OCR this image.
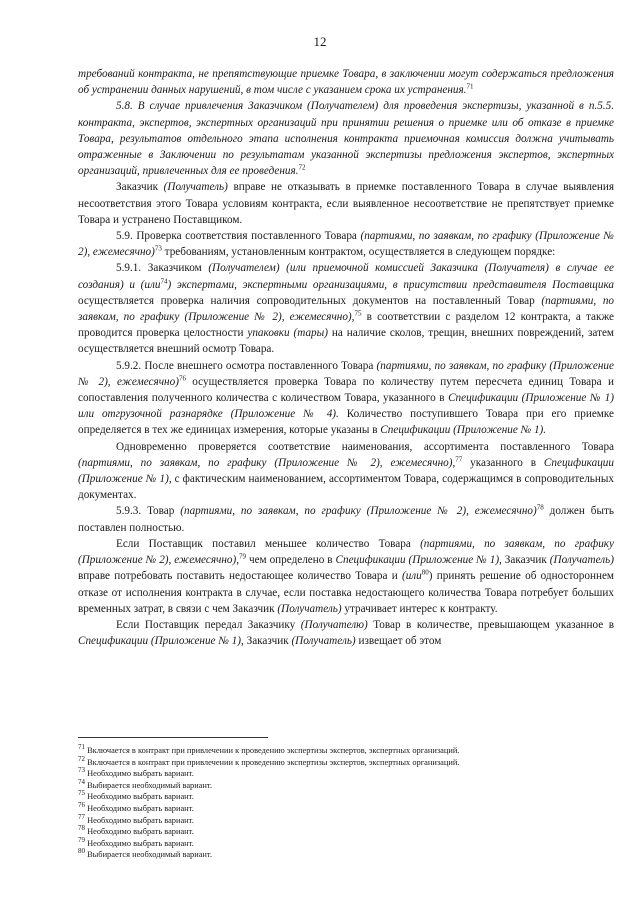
12

требований контракта, не препятствующие приемке Товара, в заключении могут содержаться предложения об устранении данных нарушений, в том числе с указанием срока их устранения.$^{71}$

5.8. В случае привлечения Заказчиком (Получателем) для проведения экспертизы, указанной в п.5.5. контракта, экспертов, экспертных организаций при принятии решения о приемке или об отказе в приемке Товара, результатов отдельного этапа исполнения контракта приемочная комиссия должна учитывать отраженные в Заключении по результатам указанной экспертизы предложения экспертов, экспертных организаций, привлеченных для ее проведения.$^{72}$

Заказчик (Получатель) вправе не отказывать в приемке поставленного Товара в случае выявления несоответствия этого Товара условиям контракта, если выявленное несоответствие не препятствует приемке Товара и устранено Поставщиком.

5.9. Проверка соответствия поставленного Товара (партиями, по заявкам, по графику (Приложение № 2), ежемесячно)$^{73}$ требованиям, установленным контрактом, осуществляется в следующем порядке:

5.9.1. Заказчиком (Получателем) (или приемочной комиссией Заказчика (Получателя) в случае ее создания) и (или$^{74}$) экспертами, экспертными организациями, в присутствии представителя Поставщика осуществляется проверка наличия сопроводительных документов на поставленный Товар (партиями, по заявкам, по графику (Приложение № 2), ежемесячно),$^{75}$ в соответствии с разделом 12 контракта, а также проводится проверка целостности упаковки (тары) на наличие сколов, трещин, внешних повреждений, затем осуществляется внешний осмотр Товара.

5.9.2. После внешнего осмотра поставленного Товара (партиями, по заявкам, по графику (Приложение № 2), ежемесячно)$^{76}$ осуществляется проверка Товара по количеству путем пересчета единиц Товара и сопоставления полученного количества с количеством Товара, указанного в Спецификации (Приложение № 1) или отгрузочной разнарядке (Приложение № 4). Количество поступившего Товара при его приемке определяется в тех же единицах измерения, которые указаны в Спецификации (Приложение № 1).

Одновременно проверяется соответствие наименования, ассортимента поставленного Товара (партиями, по заявкам, по графику (Приложение № 2), ежемесячно),$^{77}$ указанного в Спецификации (Приложение № 1), с фактическим наименованием, ассортиментом Товара, содержащимся в сопроводительных документах.

5.9.3. Товар (партиями, по заявкам, по графику (Приложение № 2), ежемесячно)$^{78}$ должен быть поставлен полностью.

Если Поставщик поставил меньшее количество Товара (партиями, по заявкам, по графику (Приложение № 2), ежемесячно),$^{79}$ чем определено в Спецификации (Приложение № 1), Заказчик (Получатель) вправе потребовать поставить недостающее количество Товара и (или$^{80}$) принять решение об одностороннем отказе от исполнения контракта в случае, если поставка недостающего количества Товара потребует больших временных затрат, в связи с чем Заказчик (Получатель) утрачивает интерес к контракту.

Если Поставщик передал Заказчику (Получателю) Товар в количестве, превышающем указанное в Спецификации (Приложение № 1), Заказчик (Получатель) извещает об этом

$^{71}$ Включается в контракт при привлечении к проведению экспертизы экспертов, экспертных организаций.
$^{72}$ Включается в контракт при привлечении к проведению экспертизы экспертов, экспертных организаций.
$^{73}$ Необходимо выбрать вариант.
$^{74}$ Выбирается необходимый вариант.
$^{75}$ Необходимо выбрать вариант.
$^{76}$ Необходимо выбрать вариант.
$^{77}$ Необходимо выбрать вариант.
$^{78}$ Необходимо выбрать вариант.
$^{79}$ Необходимо выбрать вариант.
$^{80}$ Выбирается необходимый вариант.
